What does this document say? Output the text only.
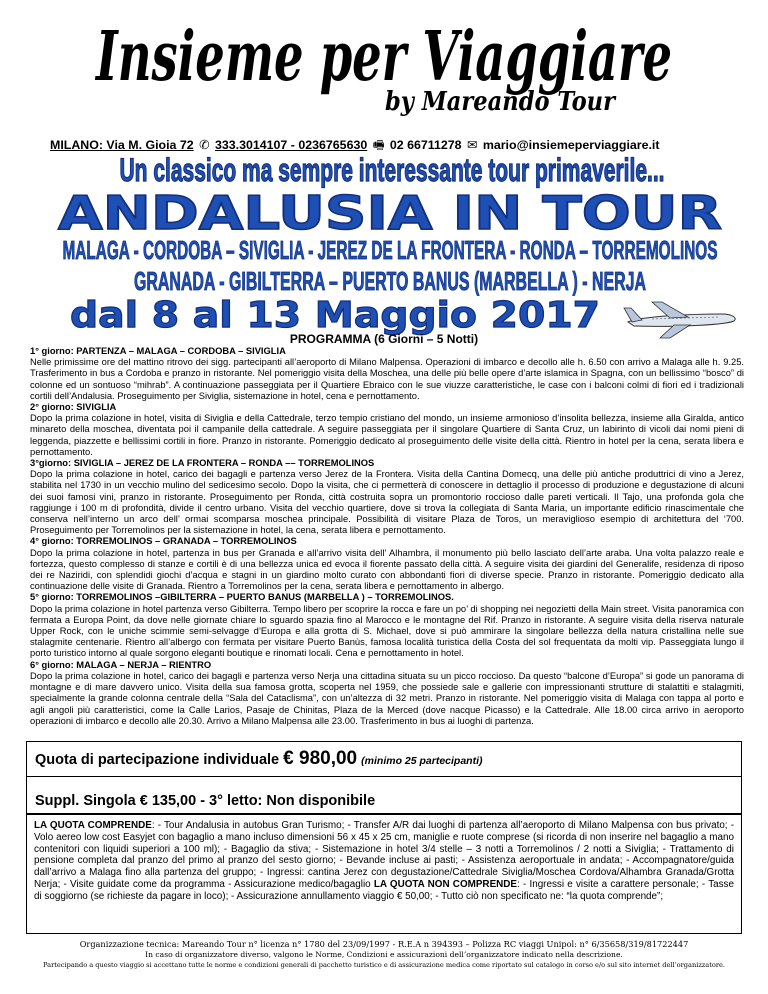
Insieme per Viaggiare
by Mareando Tour
MILANO: Via M. Gioia 72 ✆ 333.3014107 - 0236765630 🖷 02 66711278 ✉ mario@insiemeperviaggiare.it
Un classico ma sempre interessante tour primaverile...
ANDALUSIA IN TOUR
MALAGA - CORDOBA – SIVIGLIA - JEREZ DE LA FRONTERA - RONDA – TORREMOLINOS
GRANADA - GIBILTERRA – PUERTO BANUS (MARBELLA ) - NERJA
dal 8 al 13 Maggio 2017
PROGRAMMA (6 Giorni – 5 Notti)

1° giorno: PARTENZA – MALAGA – CORDOBA – SIVIGLIA

Nelle primissime ore del mattino ritrovo dei sigg. partecipanti all’aeroporto di Milano Malpensa. Operazioni di imbarco e decollo alle h. 6.50 con arrivo a Malaga alle h. 9.25. Trasferimento in bus a Cordoba e pranzo in ristorante. Nel pomeriggio visita della Moschea, una delle più belle opere d’arte islamica in Spagna, con un bellissimo “bosco” di colonne ed un sontuoso “mihrab”. A continuazione passeggiata per il Quartiere Ebraico con le sue viuzze caratteristiche, le case con i balconi colmi di fiori ed i tradizionali cortili dell’Andalusia. Proseguimento per Siviglia, sistemazione in hotel, cena e pernottamento.

2° giorno: SIVIGLIA

Dopo la prima colazione in hotel, visita di Siviglia e della Cattedrale, terzo tempio cristiano del mondo, un insieme armonioso d’insolita bellezza, insieme alla Giralda, antico minareto della moschea, diventata poi il campanile della cattedrale. A seguire passeggiata per il singolare Quartiere di Santa Cruz, un labirinto di vicoli dai nomi pieni di leggenda, piazzette e bellissimi cortili in fiore. Pranzo in ristorante. Pomeriggio dedicato al proseguimento delle visite della città. Rientro in hotel per la cena, serata libera e pernottamento.

3°giorno: SIVIGLIA – JEREZ DE LA FRONTERA – RONDA –– TORREMOLINOS

Dopo la prima colazione in hotel, carico dei bagagli e partenza verso Jerez de la Frontera. Visita della Cantina Domecq, una delle più antiche produttrici di vino a Jerez, stabilita nel 1730 in un vecchio mulino del sedicesimo secolo. Dopo la visita, che ci permetterà di conoscere in dettaglio il processo di produzione e degustazione di alcuni dei suoi famosi vini, pranzo in ristorante. Proseguimento per Ronda, città costruita sopra un promontorio roccioso dalle pareti verticali. Il Tajo, una profonda gola che raggiunge i 100 m di profondità, divide il centro urbano. Visita del vecchio quartiere, dove si trova la collegiata di Santa Maria, un importante edificio rinascimentale che conserva nell’interno un arco dell’ ormai scomparsa moschea principale. Possibilità di visitare Plaza de Toros, un meraviglioso esempio di architettura del ‘700. Proseguimento per Torremolinos per la sistemazione in hotel, la cena, serata libera e pernottamento.

4° giorno: TORREMOLINOS – GRANADA – TORREMOLINOS

Dopo la prima colazione in hotel, partenza in bus per Granada e all’arrivo visita dell’ Alhambra, il monumento più bello lasciato dell’arte araba. Una volta palazzo reale e fortezza, questo complesso di stanze e cortili è di una bellezza unica ed evoca il fiorente passato della città. A seguire visita dei giardini del Generalife, residenza di riposo dei re Naziridi, con splendidi giochi d’acqua e stagni in un giardino molto curato con abbondanti fiori di diverse specie. Pranzo in ristorante. Pomeriggio dedicato alla continuazione delle visite di Granada. Rientro a Torremolinos per la cena, serata libera e pernottamento in albergo.

5° giorno: TORREMOLINOS –GIBILTERRA – PUERTO BANUS (MARBELLA ) – TORREMOLINOS.

Dopo la prima colazione in hotel partenza verso Gibilterra. Tempo libero per scoprire la rocca e fare un po’ di shopping nei negozietti della Main street. Visita panoramica con fermata a Europa Point, da dove nelle giornate chiare lo sguardo spazia fino al Marocco e le montagne del Rif. Pranzo in ristorante. A seguire visita della riserva naturale Upper Rock, con le uniche scimmie semi-selvagge d’Europa e alla grotta di S. Michael, dove si può ammirare la singolare bellezza della natura cristallina nelle sue stalagmite centenarie. Rientro all’albergo con fermata per visitare Puerto Banùs, famosa località turistica della Costa del sol frequentata da molti vip. Passeggiata lungo il porto turistico intorno al quale sorgono eleganti boutique e rinomati locali. Cena e pernottamento in hotel.

6° giorno: MALAGA – NERJA – RIENTRO

Dopo la prima colazione in hotel, carico dei bagagli e partenza verso Nerja una cittadina situata su un picco roccioso. Da questo “balcone d’Europa” si gode un panorama di montagne e di mare davvero unico. Visita della sua famosa grotta, scoperta nel 1959, che possiede sale e gallerie con impressionanti strutture di stalattiti e stalagmiti, specialmente la grande colonna centrale della “Sala del Cataclisma”, con un’altezza di 32 metri. Pranzo in ristorante. Nel pomeriggio visita di Malaga con tappa al porto e agli angoli più caratteristici, come la Calle Larios, Pasaje de Chinitas, Plaza de la Merced (dove nacque Picasso) e la Cattedrale. Alle 18.00 circa arrivo in aeroporto operazioni di imbarco e decollo alle 20.30. Arrivo a Milano Malpensa alle 23.00. Trasferimento in bus ai luoghi di partenza.

Quota di partecipazione individuale € 980,00 (minimo 25 partecipanti)
Suppl. Singola € 135,00 - 3° letto: Non disponibile
LA QUOTA COMPRENDE: - Tour Andalusia in autobus Gran Turismo; - Transfer A/R dai luoghi di partenza all’aeroporto di Milano Malpensa con bus privato; - Volo aereo low cost Easyjet con bagaglio a mano incluso dimensioni 56 x 45 x 25 cm, maniglie e ruote comprese (si ricorda di non inserire nel bagaglio a mano contenitori con liquidi superiori a 100 ml); - Bagaglio da stiva; - Sistemazione in hotel 3/4 stelle – 3 notti a Torremolinos / 2 notti a Siviglia; - Trattamento di pensione completa dal pranzo del primo al pranzo del sesto giorno; - Bevande incluse ai pasti; - Assistenza aeroportuale in andata; - Accompagnatore/guida dall’arrivo a Malaga fino alla partenza del gruppo; - Ingressi: cantina Jerez con degustazione/Cattedrale Siviglia/Moschea Cordova/Alhambra Granada/Grotta Nerja; - Visite guidate come da programma - Assicurazione medico/bagaglio LA QUOTA NON COMPRENDE: - Ingressi e visite a carattere personale; - Tasse di soggiorno (se richieste da pagare in loco); - Assicurazione annullamento viaggio € 50,00; - Tutto ciò non specificato ne: “la quota comprende”;
Organizzazione tecnica: Mareando Tour n° licenza n° 1780 del 23/09/1997 - R.E.A n 394393 – Polizza RC viaggi Unipol: n° 6/35658/319/81722447
In caso di organizzatore diverso, valgono le Norme, Condizioni e assicurazioni dell’organizzatore indicato nella descrizione.
Partecipando a questo viaggio si accettano tutte le norme e condizioni generali di pacchetto turistico e di assicurazione medica come riportato sul catalogo in corso e/o sul sito internet dell’organizzatore.
